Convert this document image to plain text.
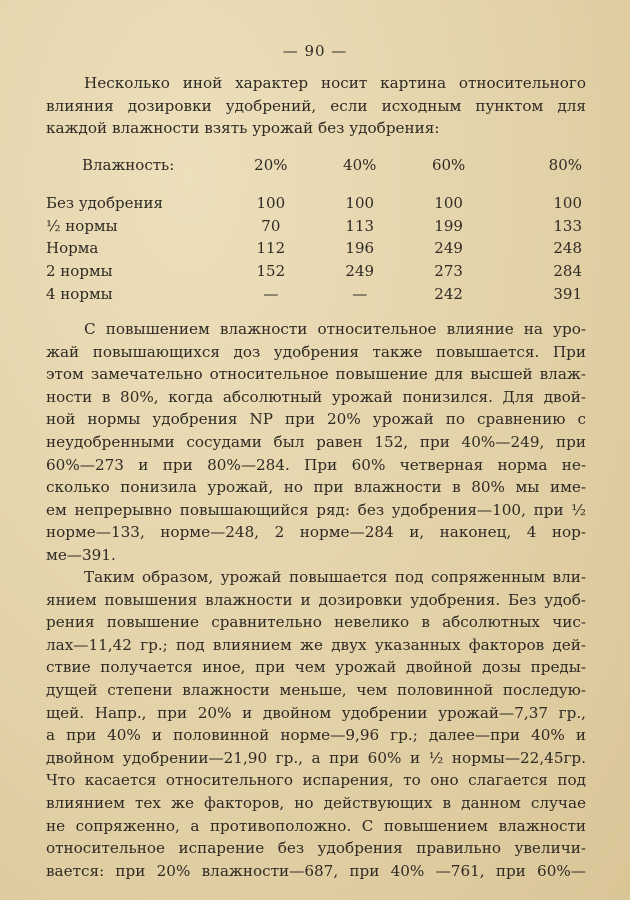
— 90 —
Несколько иной характер носит картина относительного
влияния дозировки удобрений, если исходным пунктом для
каждой влажности взять урожай без удобрения:
Влажность:	20%	40%	60%	80%
Без удобрения	100	100	100	100
½ нормы	70	113	199	133
Норма	112	196	249	248
2 нормы	152	249	273	284
4 нормы	—	—	242	391
С повышением влажности относительное влияние на уро-
жай повышающихся доз удобрения также повышается. При
этом замечательно относительное повышение для высшей влаж-
ности в 80%, когда абсолютный урожай понизился. Для двой-
ной нормы удобрения NP при 20% урожай по сравнению с
неудобренными сосудами был равен 152, при 40%—249, при
60%—273 и при 80%—284. При 60% четверная норма не-
сколько понизила урожай, но при влажности в 80% мы име-
ем непрерывно повышающийся ряд: без удобрения—100, при ½
норме—133, норме—248, 2 норме—284 и, наконец, 4 нор-
ме—391.
Таким образом, урожай повышается под сопряженным вли-
янием повышения влажности и дозировки удобрения. Без удоб-
рения повышение сравнительно невелико в абсолютных чис-
лах—11,42 гр.; под влиянием же двух указанных факторов дей-
ствие получается иное, при чем урожай двойной дозы преды-
дущей степени влажности меньше, чем половинной последую-
щей. Напр., при 20% и двойном удобрении урожай—7,37 гр.,
а при 40% и половинной норме—9,96 гр.; далее—при 40% и
двойном удобрении—21,90 гр., а при 60% и ½ нормы—22,45гр.
Что касается относительного испарения, то оно слагается под
влиянием тех же факторов, но действующих в данном случае
не сопряженно, а противоположно. С повышением влажности
относительное испарение без удобрения правильно увеличи-
вается: при 20% влажности—687, при 40% —761, при 60%—
